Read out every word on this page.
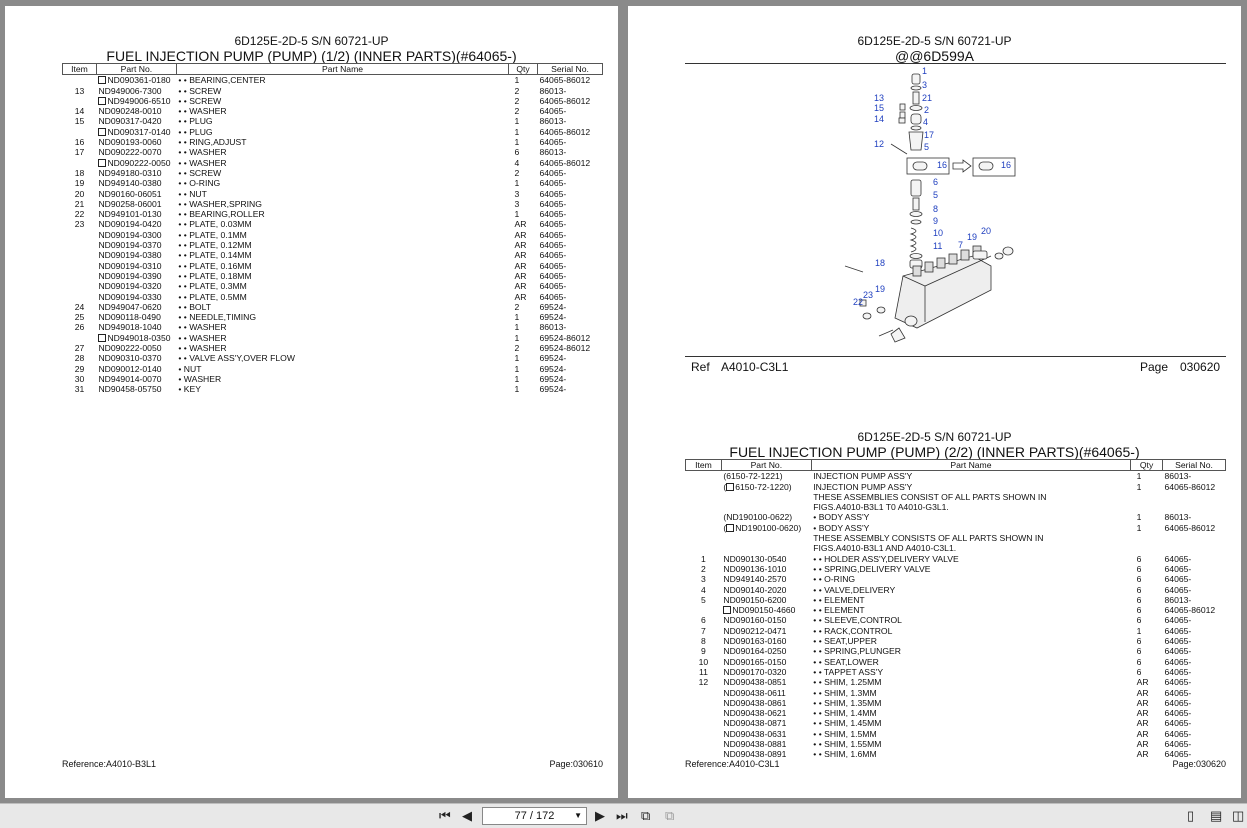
6D125E-2D-5 S/N 60721-UP
FUEL INJECTION PUMP (PUMP) (1/2) (INNER PARTS)(#64065-)
Item	Part No.	Part Name	Qty	Serial No.
	ND090361-0180	• • BEARING,CENTER	1	64065-86012
13	ND949006-7300	• • SCREW	2	86013-
	ND949006-6510	• • SCREW	2	64065-86012
14	ND090248-0010	• • WASHER	2	64065-
15	ND090317-0420	• • PLUG	1	86013-
	ND090317-0140	• • PLUG	1	64065-86012
16	ND090193-0060	• • RING,ADJUST	1	64065-
17	ND090222-0070	• • WASHER	6	86013-
	ND090222-0050	• • WASHER	4	64065-86012
18	ND949180-0310	• • SCREW	2	64065-
19	ND949140-0380	• • O-RING	1	64065-
20	ND90160-06051	• • NUT	3	64065-
21	ND90258-06001	• • WASHER,SPRING	3	64065-
22	ND949101-0130	• • BEARING,ROLLER	1	64065-
23	ND090194-0420	• • PLATE, 0.03MM	AR	64065-
	ND090194-0300	• • PLATE, 0.1MM	AR	64065-
	ND090194-0370	• • PLATE, 0.12MM	AR	64065-
	ND090194-0380	• • PLATE, 0.14MM	AR	64065-
	ND090194-0310	• • PLATE, 0.16MM	AR	64065-
	ND090194-0390	• • PLATE, 0.18MM	AR	64065-
	ND090194-0320	• • PLATE, 0.3MM	AR	64065-
	ND090194-0330	• • PLATE, 0.5MM	AR	64065-
24	ND949047-0620	• • BOLT	2	69524-
25	ND090118-0490	• • NEEDLE,TIMING	1	69524-
26	ND949018-1040	• • WASHER	1	86013-
	ND949018-0350	• • WASHER	1	69524-86012
27	ND090222-0050	• • WASHER	2	69524-86012
28	ND090310-0370	• • VALVE ASS'Y,OVER FLOW	1	69524-
29	ND090012-0140	• NUT	1	69524-
30	ND949014-0070	• WASHER	1	69524-
31	ND90458-05750	• KEY	1	69524-
Reference:A4010-B3L1	Page:030610
6D125E-2D-5 S/N 60721-UP
@@6D599A
1
3
21
2
4
17
5
13
15
14
12
16	16
6
5
8
9
10
11 7
19
20
18
19
23
22
Ref A4010-C3L1	Page 030620
6D125E-2D-5 S/N 60721-UP
FUEL INJECTION PUMP (PUMP) (2/2) (INNER PARTS)(#64065-)
Item	Part No.	Part Name	Qty	Serial No.
	(6150-72-1221)	INJECTION PUMP ASS'Y	1	86013-
	( 6150-72-1220)	INJECTION PUMP ASS'Y	1	64065-86012
		THESE ASSEMBLIES CONSIST OF ALL PARTS SHOWN IN		
		FIGS.A4010-B3L1 T0 A4010-G3L1.		
	(ND190100-0622)	• BODY ASS'Y	1	86013-
	( ND190100-0620)	• BODY ASS'Y	1	64065-86012
		THESE ASSEMBLY CONSISTS OF ALL PARTS SHOWN IN		
		FIGS.A4010-B3L1 AND A4010-C3L1.		
1	ND090130-0540	• • HOLDER ASS'Y,DELIVERY VALVE	6	64065-
2	ND090136-1010	• • SPRING,DELIVERY VALVE	6	64065-
3	ND949140-2570	• • O-RING	6	64065-
4	ND090140-2020	• • VALVE,DELIVERY	6	64065-
5	ND090150-6200	• • ELEMENT	6	86013-
	ND090150-4660	• • ELEMENT	6	64065-86012
6	ND090160-0150	• • SLEEVE,CONTROL	6	64065-
7	ND090212-0471	• • RACK,CONTROL	1	64065-
8	ND090163-0160	• • SEAT,UPPER	6	64065-
9	ND090164-0250	• • SPRING,PLUNGER	6	64065-
10	ND090165-0150	• • SEAT,LOWER	6	64065-
11	ND090170-0320	• • TAPPET ASS'Y	6	64065-
12	ND090438-0851	• • SHIM, 1.25MM	AR	64065-
	ND090438-0611	• • SHIM, 1.3MM	AR	64065-
	ND090438-0861	• • SHIM, 1.35MM	AR	64065-
	ND090438-0621	• • SHIM, 1.4MM	AR	64065-
	ND090438-0871	• • SHIM, 1.45MM	AR	64065-
	ND090438-0631	• • SHIM, 1.5MM	AR	64065-
	ND090438-0881	• • SHIM, 1.55MM	AR	64065-
	ND090438-0891	• • SHIM, 1.6MM	AR	64065-
Reference:A4010-C3L1	Page:030620
⏮ ◀	77 / 172 ▼ ▶ ⏭ ⧉ ⧉	▯ ▤ ◫
